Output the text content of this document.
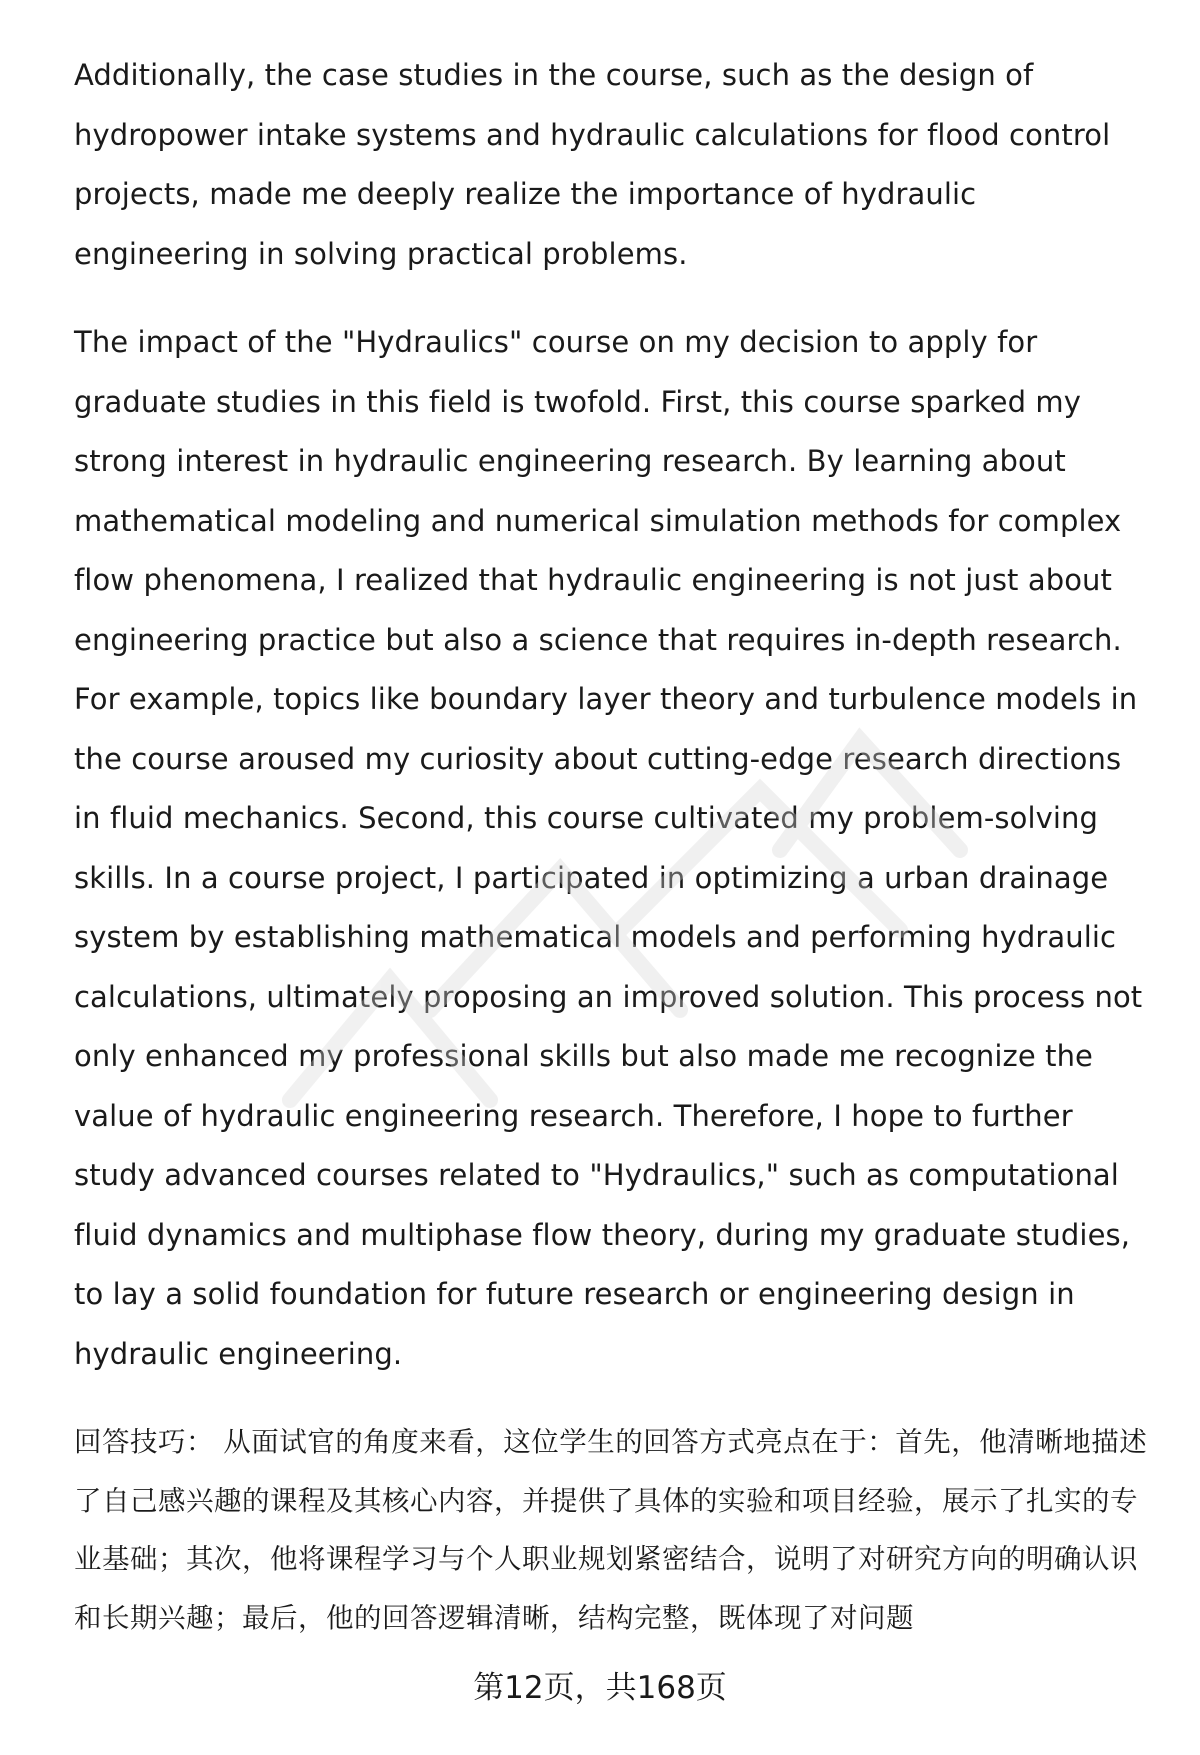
Additionally, the case studies in the course, such as the design of hydropower intake systems and hydraulic calculations for flood control projects, made me deeply realize the importance of hydraulic engineering in solving practical problems.

The impact of the "Hydraulics" course on my decision to apply for graduate studies in this field is twofold. First, this course sparked my strong interest in hydraulic engineering research. By learning about mathematical modeling and numerical simulation methods for complex flow phenomena, I realized that hydraulic engineering is not just about engineering practice but also a science that requires in-depth research. For example, topics like boundary layer theory and turbulence models in the course aroused my curiosity about cutting-edge research directions in fluid mechanics. Second, this course cultivated my problem-solving skills. In a course project, I participated in optimizing a urban drainage system by establishing mathematical models and performing hydraulic calculations, ultimately proposing an improved solution. This process not only enhanced my professional skills but also made me recognize the value of hydraulic engineering research. Therefore, I hope to further study advanced courses related to "Hydraulics," such as computational fluid dynamics and multiphase flow theory, during my graduate studies, to lay a solid foundation for future research or engineering design in hydraulic engineering.

回答技巧： 从面试官的角度来看，这位学生的回答方式亮点在于：首先，他清晰地描述了自己感兴趣的课程及其核心内容，并提供了具体的实验和项目经验，展示了扎实的专业基础；其次，他将课程学习与个人职业规划紧密结合，说明了对研究方向的明确认识和长期兴趣；最后，他的回答逻辑清晰，结构完整，既体现了对问题

第12页，共168页
